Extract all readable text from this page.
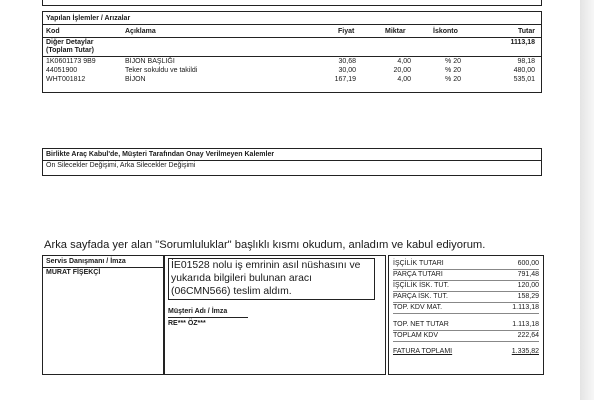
Yapılan İşlemler / Arızalar
Kod	Açıklama	Fiyat	Miktar	İskonto	Tutar
Diğer Detaylar	1113,18
(Toplam Tutar)
1K0601173 9B9	BİJON BAŞLIĞI	30,68	4,00	% 20	98,18
44051900	Teker sokuldu ve takildi	30,00	20,00	% 20	480,00
WHT001812	BİJON	167,19	4,00	% 20	535,01
Birlikte Araç Kabul'de, Müşteri Tarafından Onay Verilmeyen Kalemler
Ön Silecekler Değişimi, Arka Silecekler Değişimi
Arka sayfada yer alan "Sorumluluklar" başlıklı kısmı okudum, anladım ve kabul ediyorum.
Servis Danışmanı / İmza
MURAT FİŞEKÇİ
İE01528 nolu iş emrinin asıl nüshasını ve
yukarıda bilgileri bulunan aracı
(06CMN566) teslim aldım.
Müşteri Adı / İmza
RE*** ÖZ***
İŞÇİLİK TUTARI	600,00
PARÇA TUTARI	791,48
İŞÇİLİK İSK. TUT.	120,00
PARÇA İSK. TUT.	158,29
TOP. KDV MAT.	1.113,18
TOP. NET TUTAR	1.113,18
TOPLAM KDV	222,64
FATURA TOPLAMI	1.335,82
